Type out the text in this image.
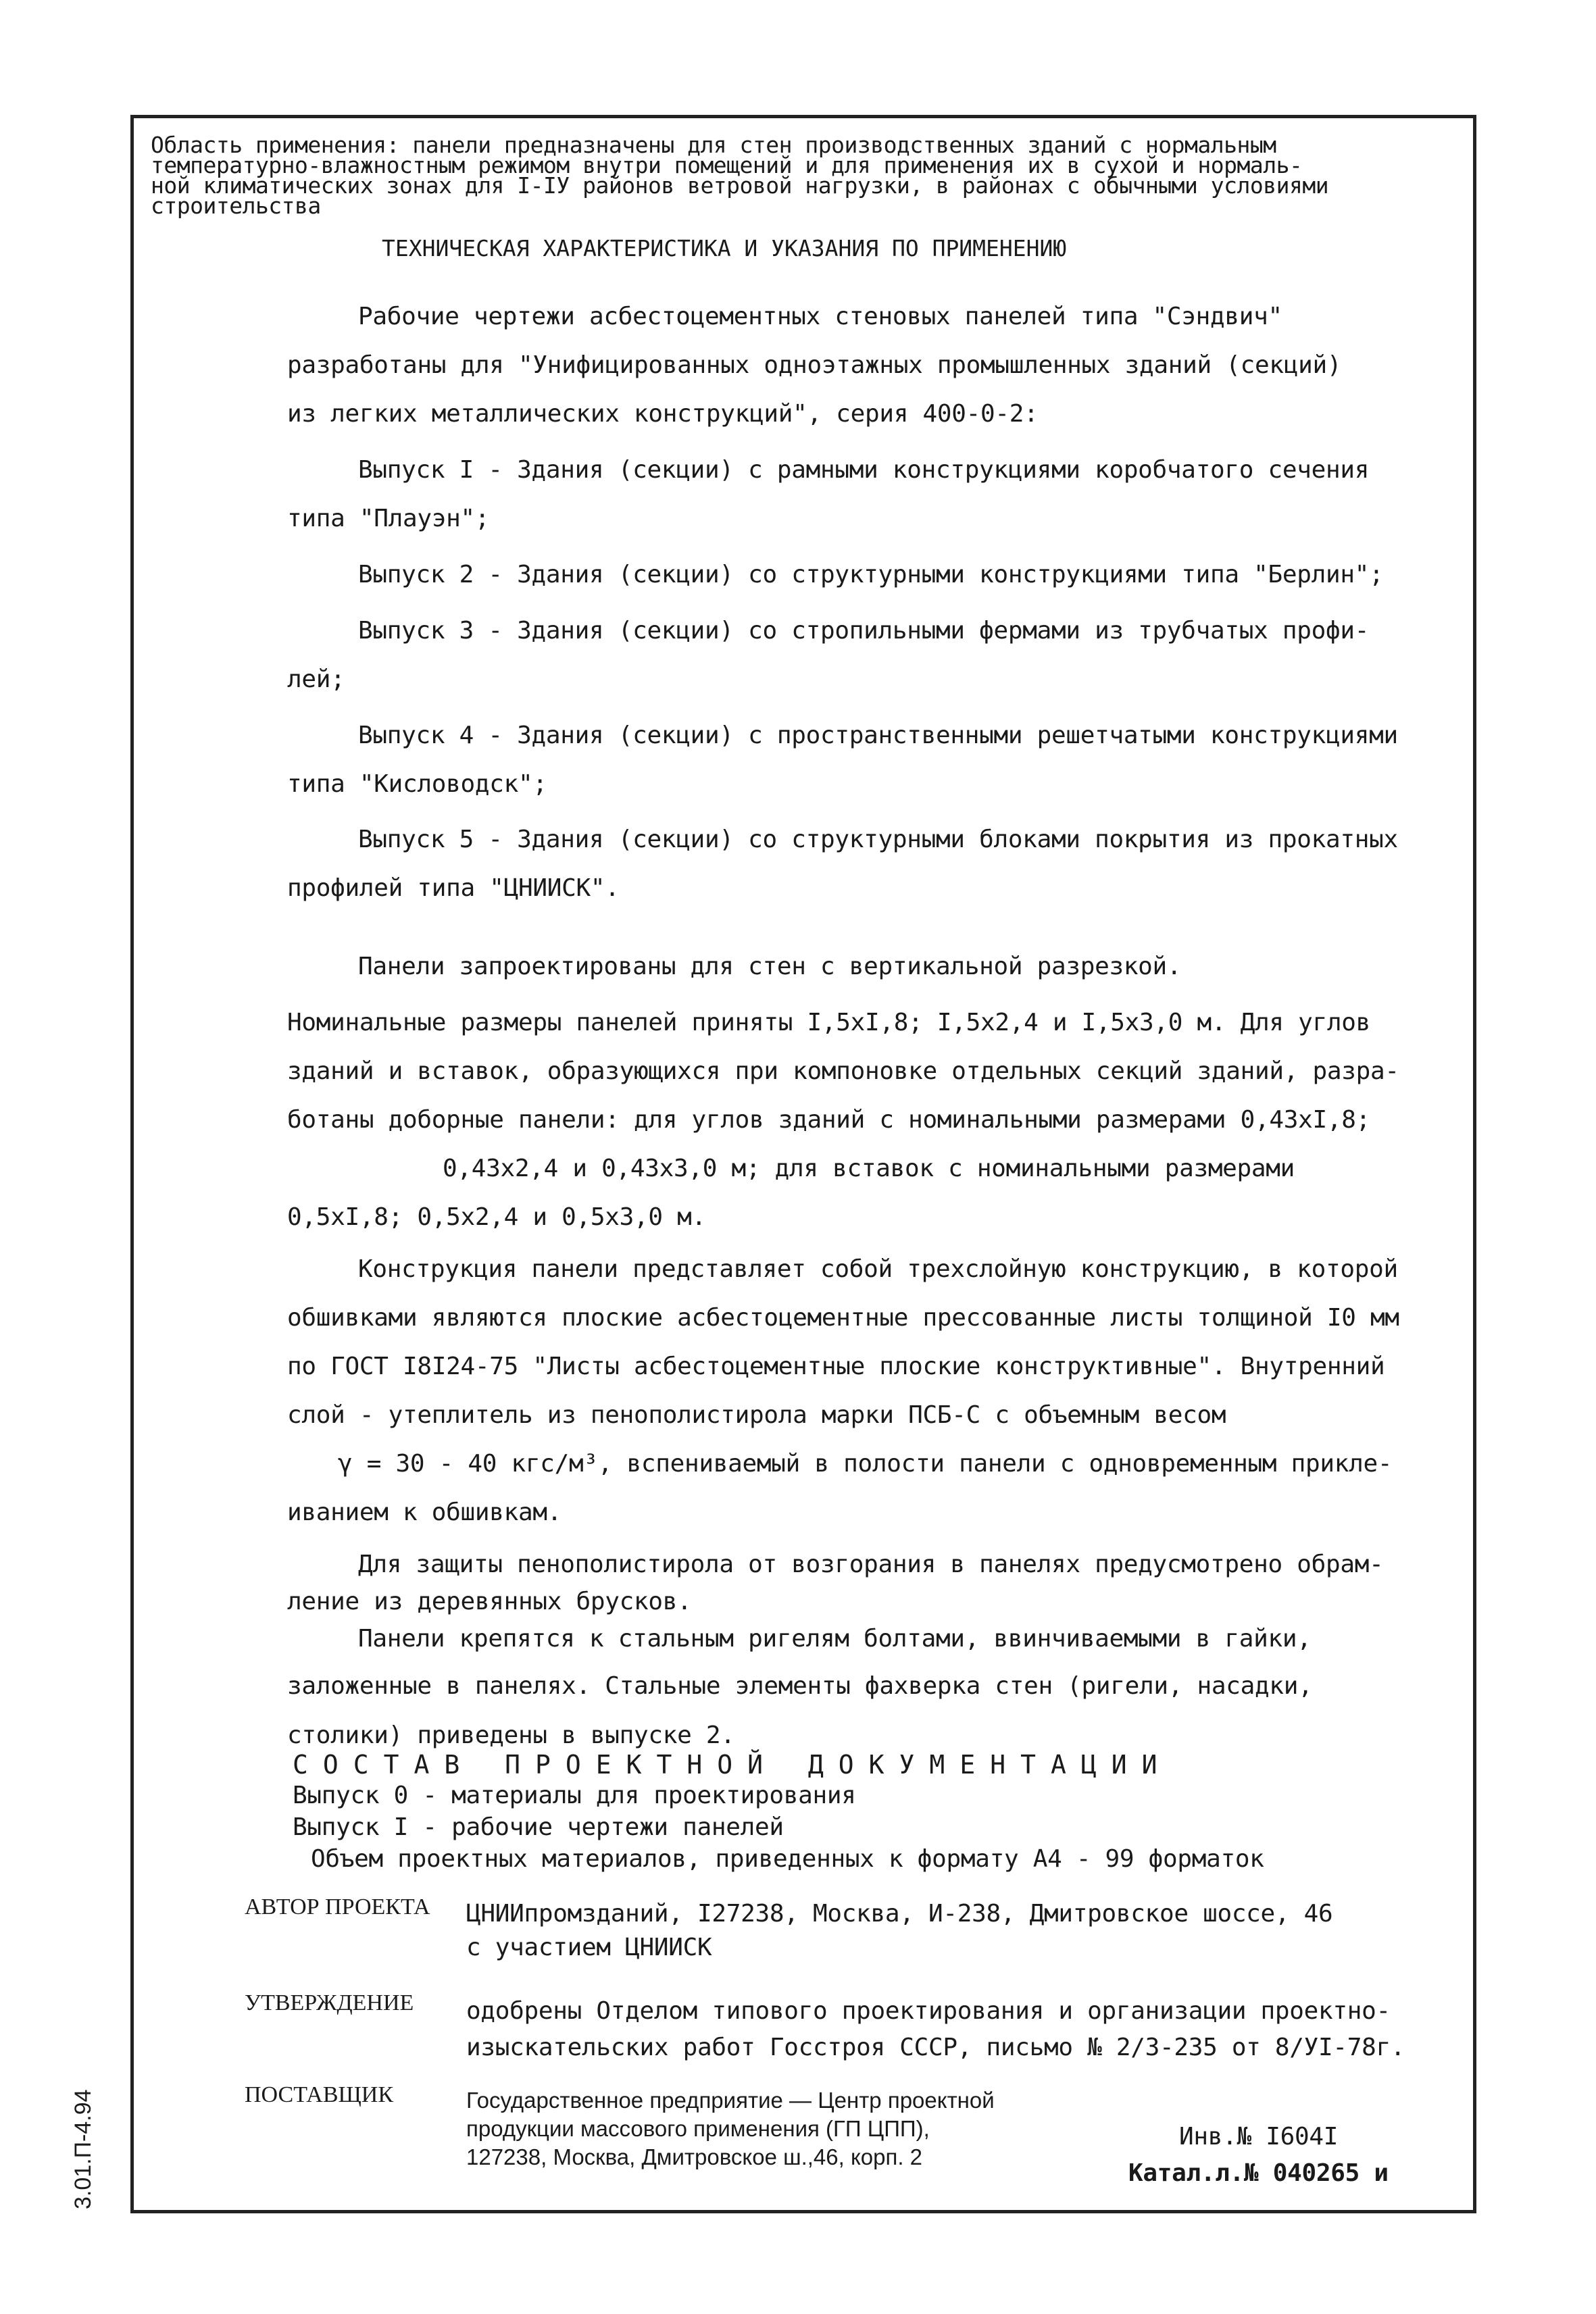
Область применения: панели предназначены для стен производственных зданий с нормальным
температурно-влажностным режимом внутри помещений и для применения их в сухой и нормаль-
ной климатических зонах для I-IУ районов ветровой нагрузки, в районах с обычными условиями
строительства
ТЕХНИЧЕСКАЯ ХАРАКТЕРИСТИКА И УКАЗАНИЯ ПО ПРИМЕНЕНИЮ
Рабочие чертежи асбестоцементных стеновых панелей типа "Сэндвич"
разработаны для "Унифицированных одноэтажных промышленных зданий (секций)
из легких металлических конструкций", серия 400-0-2:
Выпуск I - Здания (секции) с рамными конструкциями коробчатого сечения
типа "Плауэн";
Выпуск 2 - Здания (секции) со структурными конструкциями типа "Берлин";
Выпуск 3 - Здания (секции) со стропильными фермами из трубчатых профи-
лей;
Выпуск 4 - Здания (секции) с пространственными решетчатыми конструкциями
типа "Кисловодск";
Выпуск 5 - Здания (секции) со структурными блоками покрытия из прокатных
профилей типа "ЦНИИСК".
Панели запроектированы для стен с вертикальной разрезкой.
Номинальные размеры панелей приняты I,5xI,8; I,5x2,4 и I,5x3,0 м. Для углов
зданий и вставок, образующихся при компоновке отдельных секций зданий, разра-
ботаны доборные панели: для углов зданий с номинальными размерами 0,43xI,8;
0,43x2,4 и 0,43x3,0 м; для вставок с номинальными размерами
0,5xI,8; 0,5x2,4 и 0,5x3,0 м.
Конструкция панели представляет собой трехслойную конструкцию, в которой
обшивками являются плоские асбестоцементные прессованные листы толщиной I0 мм
по ГОСТ I8I24-75 "Листы асбестоцементные плоские конструктивные". Внутренний
слой - утеплитель из пенополистирола марки ПСБ-С с объемным весом
γ = 30 - 40 кгс/м³, вспениваемый в полости панели с одновременным прикле-
иванием к обшивкам.
Для защиты пенополистирола от возгорания в панелях предусмотрено обрам-
ление из деревянных брусков.
Панели крепятся к стальным ригелям болтами, ввинчиваемыми в гайки,
заложенные в панелях. Стальные элементы фахверка стен (ригели, насадки,
столики) приведены в выпуске 2.
СОСТАВ ПРОЕКТНОЙ ДОКУМЕНТАЦИИ
Выпуск 0 - материалы для проектирования
Выпуск I - рабочие чертежи панелей
Объем проектных материалов, приведенных к формату А4 - 99 форматок
АВТОР ПРОЕКТА ЦНИИпромзданий, I27238, Москва, И-238, Дмитровское шоссе, 46
с участием ЦНИИСК
УТВЕРЖДЕНИЕ одобрены Отделом типового проектирования и организации проектно-
изыскательских работ Госстроя СССР, письмо № 2/3-235 от 8/УI-78г.
ПОСТАВЩИК	Государственное предприятие — Центр проектной
продукции массового применения (ГП ЦПП),
127238, Москва, Дмитровское ш.,46, корп. 2
Инв.№ I604I
Катал.л.№ 040265 и
3.01.П-4.94
